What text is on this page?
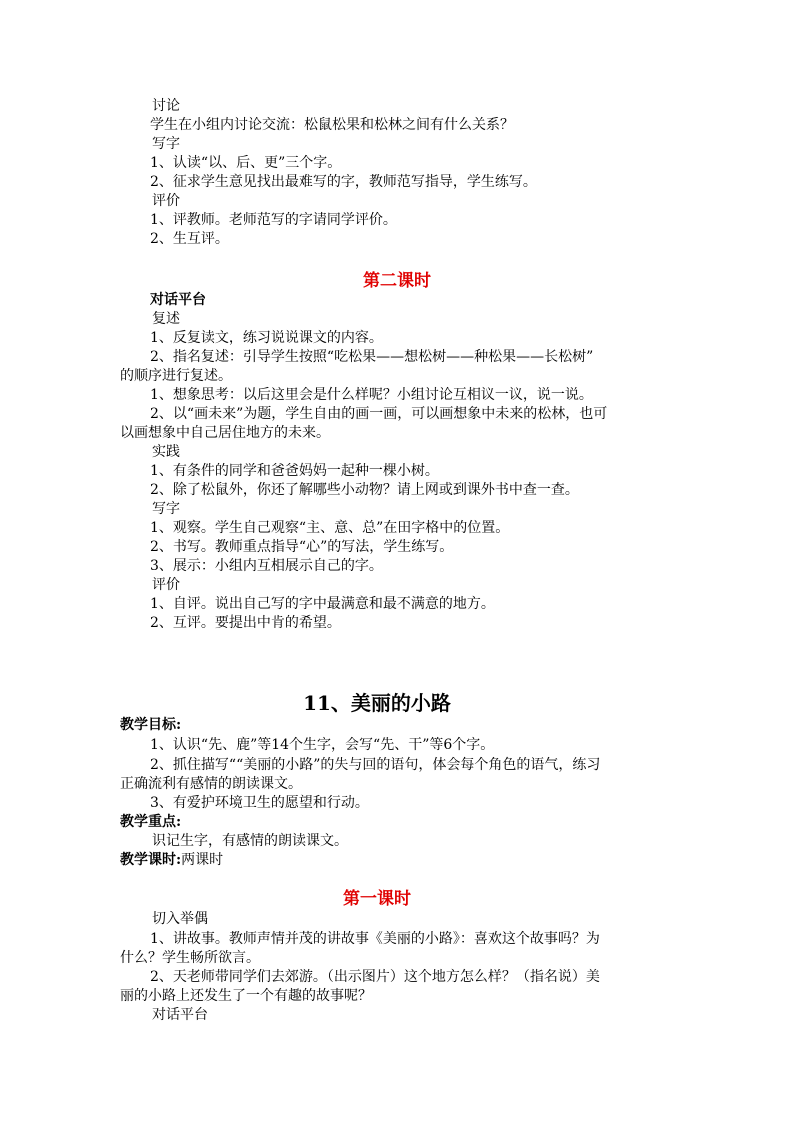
讨论
学生在小组内讨论交流：松鼠松果和松林之间有什么关系？
写字
1、认读“以、后、更”三个字。
2、征求学生意见找出最难写的字，教师范写指导，学生练写。
评价
1、评教师。老师范写的字请同学评价。
2、生互评。
第二课时
对话平台
复述
1、反复读文，练习说说课文的内容。
2、指名复述：引导学生按照“吃松果——想松树——种松果——长松树”
的顺序进行复述。
1、想象思考：以后这里会是什么样呢？小组讨论互相议一议，说一说。
2、以“画未来”为题，学生自由的画一画，可以画想象中未来的松林，也可
以画想象中自己居住地方的未来。
实践
1、有条件的同学和爸爸妈妈一起种一棵小树。
2、除了松鼠外，你还了解哪些小动物？请上网或到课外书中查一查。
写字
1、观察。学生自己观察“主、意、总”在田字格中的位置。
2、书写。教师重点指导“心”的写法，学生练写。
3、展示：小组内互相展示自己的字。
评价
1、自评。说出自己写的字中最满意和最不满意的地方。
2、互评。要提出中肯的希望。
11、美丽的小路
教学目标:
1、认识“先、鹿”等14个生字，会写“先、干”等6个字。
2、抓住描写““美丽的小路”的失与回的语句，体会每个角色的语气，练习
正确流利有感情的朗读课文。
3、有爱护环境卫生的愿望和行动。
教学重点:
识记生字，有感情的朗读课文。
教学课时:两课时
第一课时
切入举偶
1、讲故事。教师声情并茂的讲故事《美丽的小路》：喜欢这个故事吗？为
什么？学生畅所欲言。
2、天老师带同学们去郊游。（出示图片）这个地方怎么样？（指名说）美
丽的小路上还发生了一个有趣的故事呢？
对话平台
